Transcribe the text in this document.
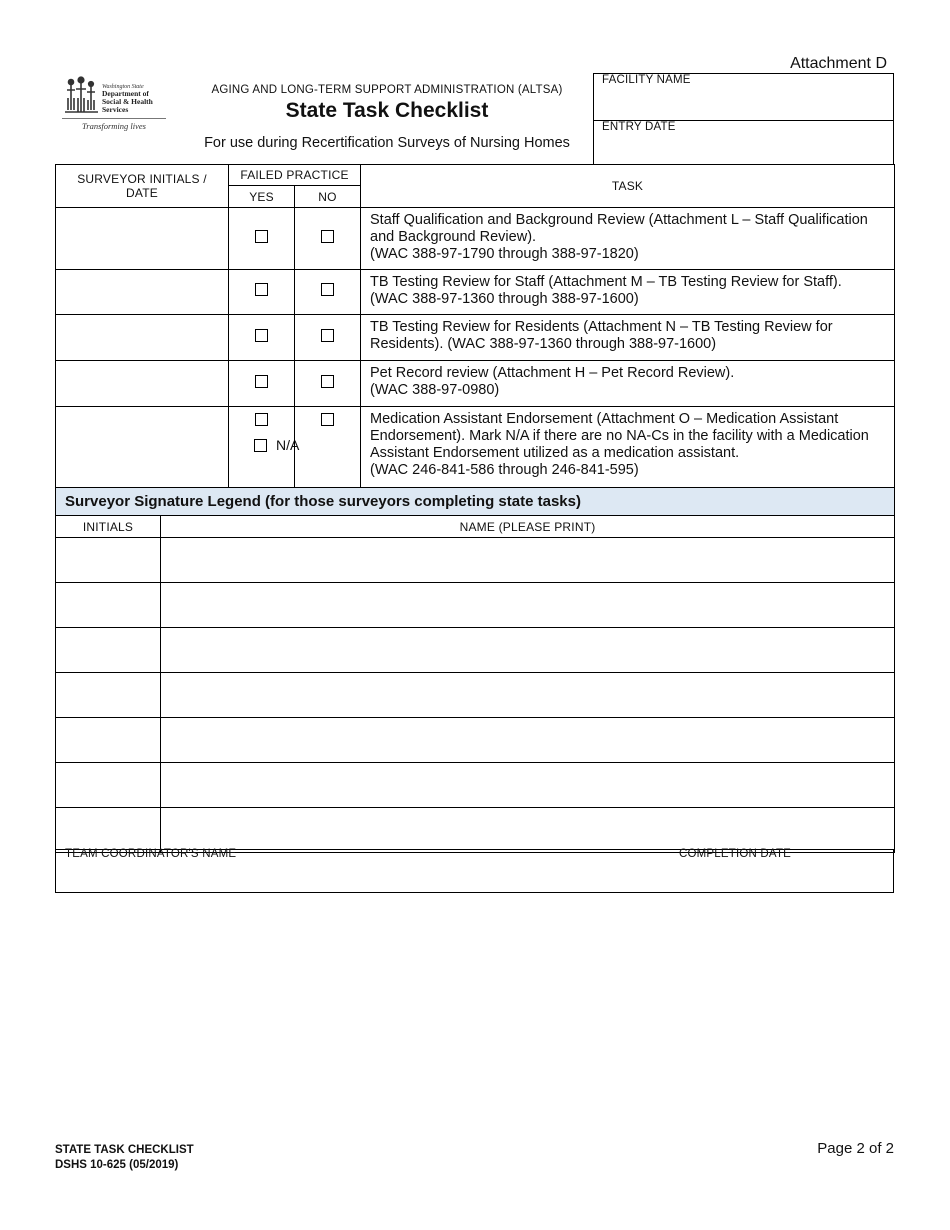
Attachment D
Washington State
Department of Social & Health Services
Transforming lives
AGING AND LONG-TERM SUPPORT ADMINISTRATION (ALTSA)
State Task Checklist
For use during Recertification Surveys of Nursing Homes
FACILITY NAME
ENTRY DATE
SURVEYOR INITIALS / DATE	FAILED PRACTICE		TASK
	YES	NO	
			Staff Qualification and Background Review (Attachment L – Staff Qualification and Background Review).
(WAC 388-97-1790 through 388-97-1820)
			TB Testing Review for Staff (Attachment M – TB Testing Review for Staff).
(WAC 388-97-1360 through 388-97-1600)
			TB Testing Review for Residents (Attachment N – TB Testing Review for Residents). (WAC 388-97-1360 through 388-97-1600)
			Pet Record review (Attachment H – Pet Record Review).
(WAC 388-97-0980)

	N/A		Medication Assistant Endorsement (Attachment O – Medication Assistant Endorsement). Mark N/A if there are no NA-Cs in the facility with a Medication Assistant Endorsement utilized as a medication assistant.
(WAC 246-841-586 through 246-841-595)
Surveyor Signature Legend (for those surveyors completing state tasks)	
INITIALS	NAME (PLEASE PRINT)

TEAM COORDINATOR'S NAME	COMPLETION DATE
STATE TASK CHECKLIST
DSHS 10-625 (05/2019)
Page 2 of 2
